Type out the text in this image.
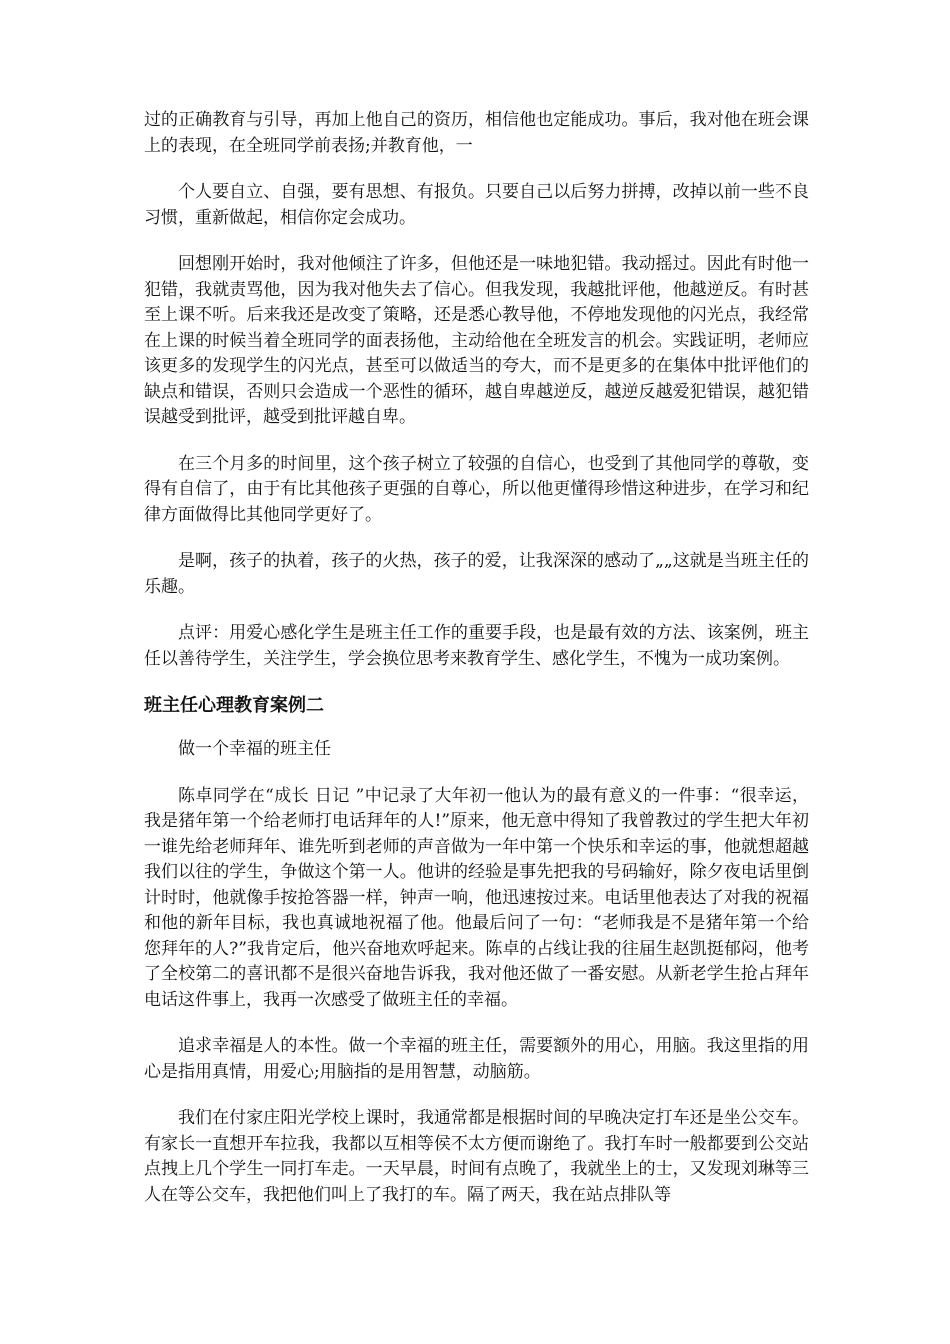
过的正确教育与引导，再加上他自己的资历，相信他也定能成功。事后，我对他在班会课上的表现，在全班同学前表扬;并教育他，一

个人要自立、自强，要有思想、有报负。只要自己以后努力拼搏，改掉以前一些不良习惯，重新做起，相信你定会成功。

回想刚开始时，我对他倾注了许多，但他还是一味地犯错。我动摇过。因此有时他一犯错，我就责骂他，因为我对他失去了信心。但我发现，我越批评他，他越逆反。有时甚至上课不听。后来我还是改变了策略，还是悉心教导他，不停地发现他的闪光点，我经常在上课的时候当着全班同学的面表扬他，主动给他在全班发言的机会。实践证明，老师应该更多的发现学生的闪光点，甚至可以做适当的夸大，而不是更多的在集体中批评他们的缺点和错误，否则只会造成一个恶性的循环，越自卑越逆反，越逆反越爱犯错误，越犯错误越受到批评，越受到批评越自卑。

在三个月多的时间里，这个孩子树立了较强的自信心，也受到了其他同学的尊敬，变得有自信了，由于有比其他孩子更强的自尊心，所以他更懂得珍惜这种进步，在学习和纪律方面做得比其他同学更好了。

是啊，孩子的执着，孩子的火热，孩子的爱，让我深深的感动了„„这就是当班主任的乐趣。

点评：用爱心感化学生是班主任工作的重要手段，也是最有效的方法、该案例，班主任以善待学生，关注学生，学会换位思考来教育学生、感化学生，不愧为一成功案例。

班主任心理教育案例二

做一个幸福的班主任

陈卓同学在“成长 日记 ”中记录了大年初一他认为的最有意义的一件事：“很幸运，我是猪年第一个给老师打电话拜年的人!”原来，他无意中得知了我曾教过的学生把大年初一谁先给老师拜年、谁先听到老师的声音做为一年中第一个快乐和幸运的事，他就想超越我们以往的学生，争做这个第一人。他讲的经验是事先把我的号码输好，除夕夜电话里倒计时时，他就像手按抢答器一样，钟声一响，他迅速按过来。电话里他表达了对我的祝福和他的新年目标，我也真诚地祝福了他。他最后问了一句：“老师我是不是猪年第一个给您拜年的人?”我肯定后，他兴奋地欢呼起来。陈卓的占线让我的往届生赵凯挺郁闷，他考了全校第二的喜讯都不是很兴奋地告诉我，我对他还做了一番安慰。从新老学生抢占拜年电话这件事上，我再一次感受了做班主任的幸福。

追求幸福是人的本性。做一个幸福的班主任，需要额外的用心，用脑。我这里指的用心是指用真情，用爱心;用脑指的是用智慧，动脑筋。

我们在付家庄阳光学校上课时，我通常都是根据时间的早晚决定打车还是坐公交车。有家长一直想开车拉我，我都以互相等侯不太方便而谢绝了。我打车时一般都要到公交站点拽上几个学生一同打车走。一天早晨，时间有点晚了，我就坐上的士，又发现刘琳等三人在等公交车，我把他们叫上了我打的车。隔了两天，我在站点排队等
